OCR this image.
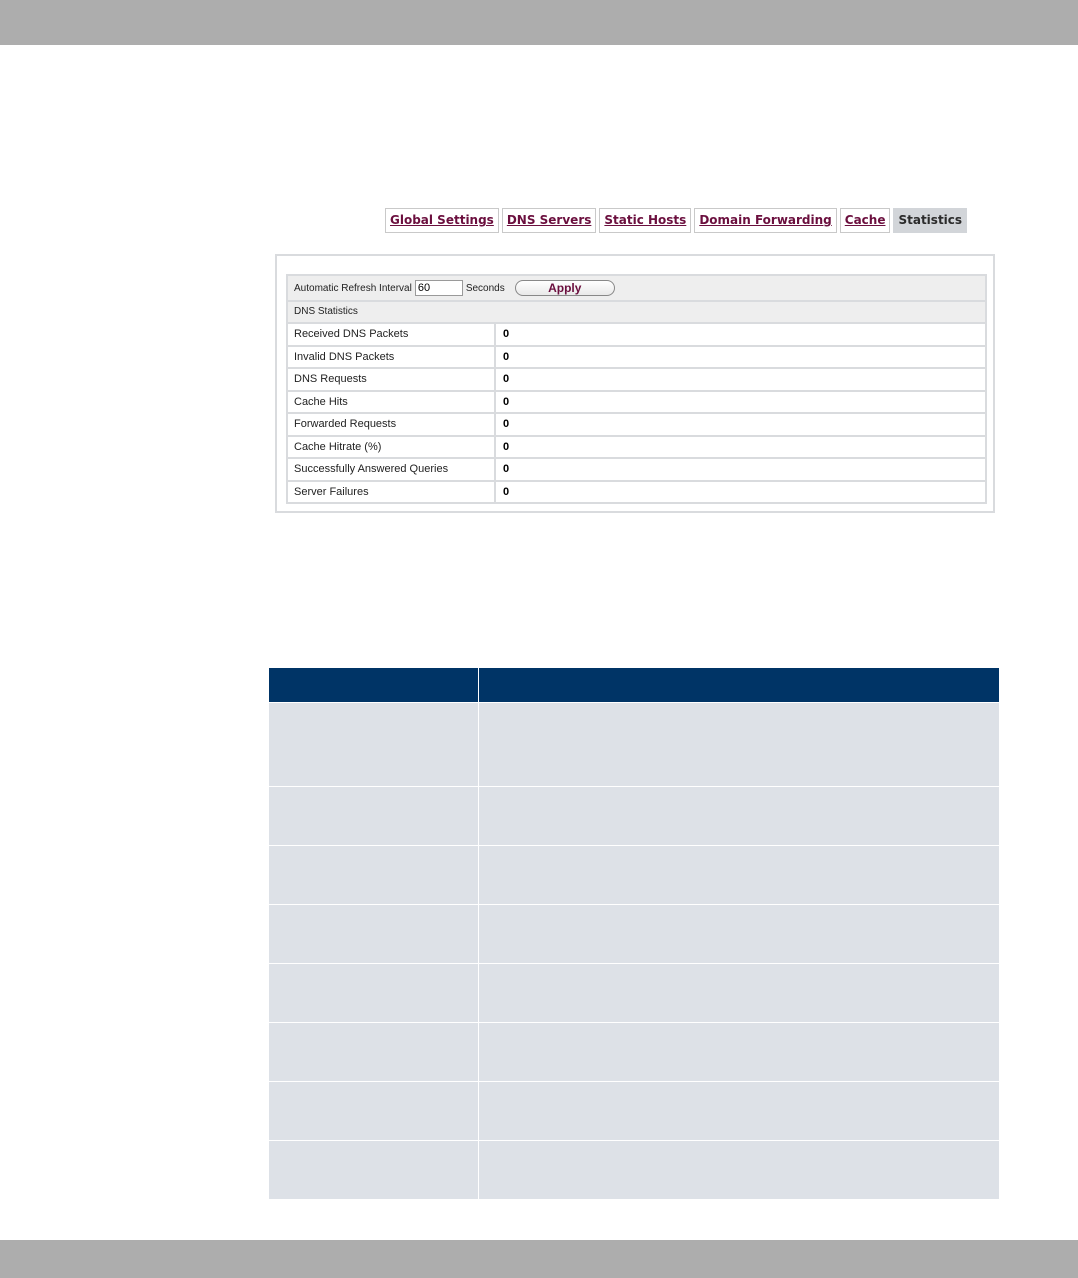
Global Settings	DNS Servers	Static Hosts	Domain Forwarding	Cache	Statistics
Automatic Refresh Interval
60	Seconds	Apply
DNS Statistics
Received DNS Packets	0
Invalid DNS Packets	0
DNS Requests	0
Cache Hits	0
Forwarded Requests	0
Cache Hitrate (%)	0
Successfully Answered Queries	0
Server Failures	0
